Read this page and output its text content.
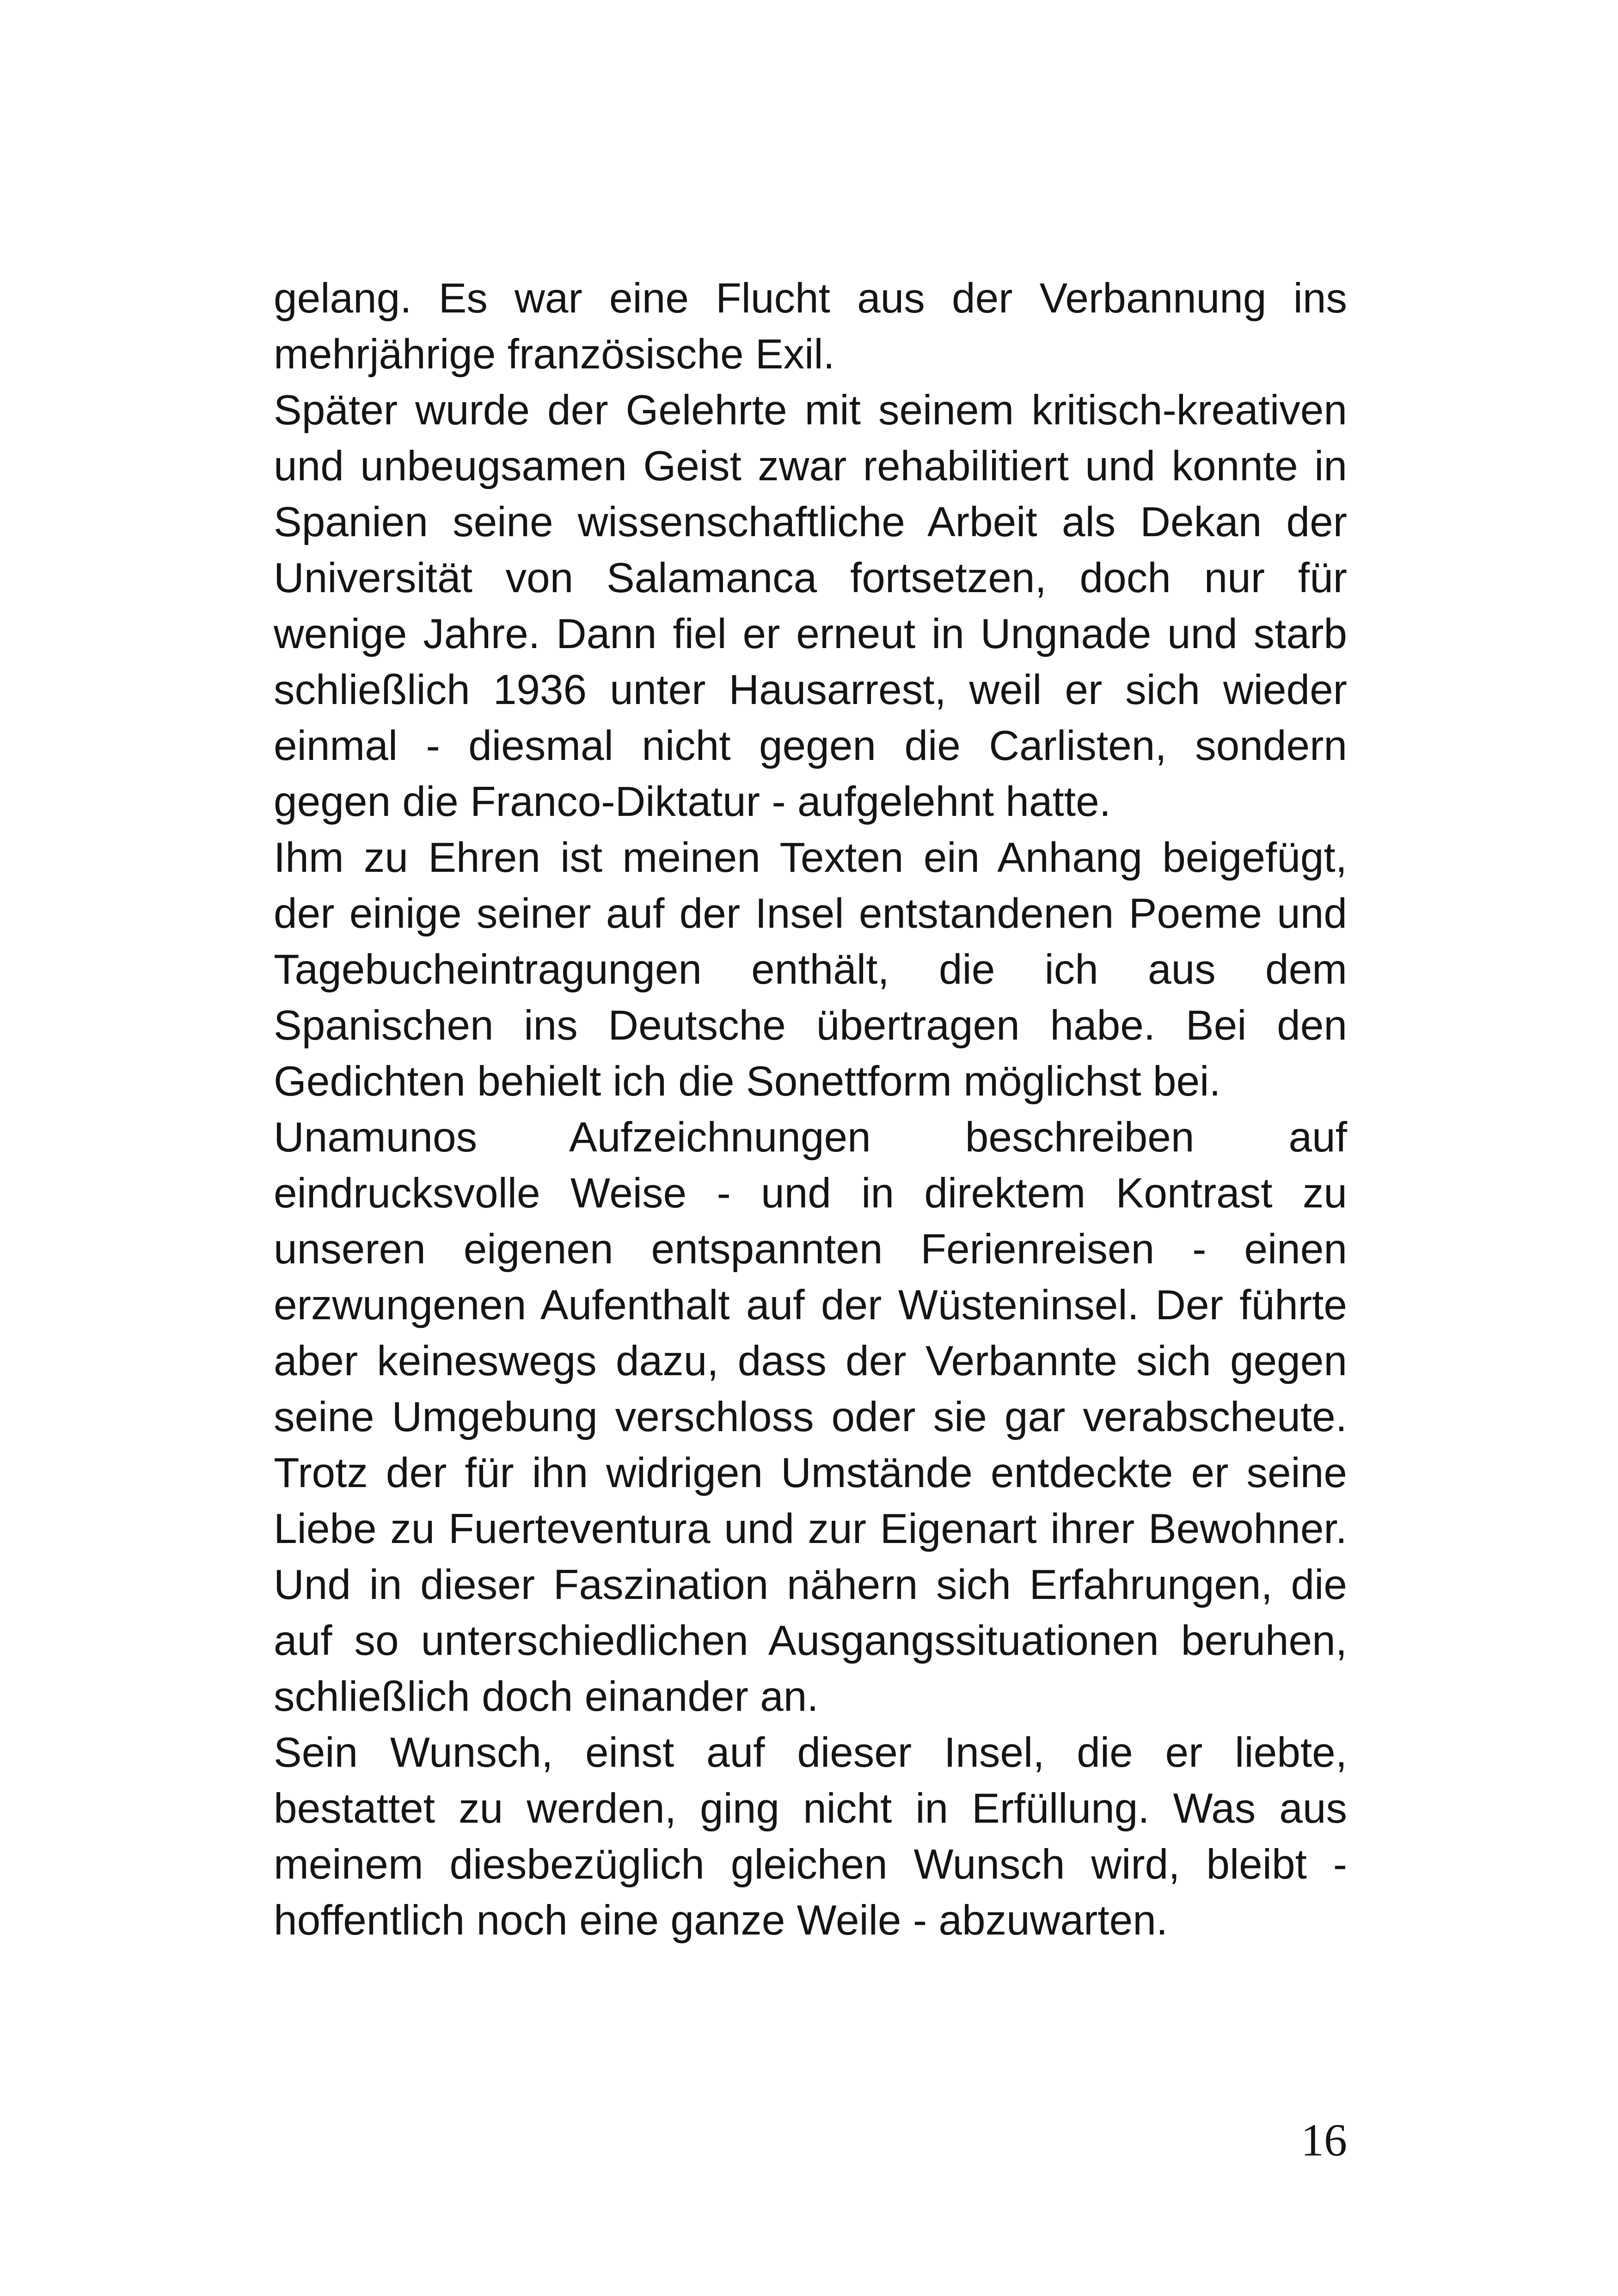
gelang. Es war eine Flucht aus der Verbannung ins mehrjährige französische Exil.

Später wurde der Gelehrte mit seinem kritisch-kreativen und unbeugsamen Geist zwar rehabilitiert und konnte in Spanien seine wissenschaftliche Arbeit als Dekan der Universität von Salamanca fortsetzen, doch nur für wenige Jahre. Dann fiel er erneut in Ungnade und starb schließlich 1936 unter Hausarrest, weil er sich wieder einmal - diesmal nicht gegen die Carlisten, sondern gegen die Franco-Diktatur - aufgelehnt hatte.

Ihm zu Ehren ist meinen Texten ein Anhang beigefügt, der einige seiner auf der Insel entstandenen Poeme und Tagebucheintragungen enthält, die ich aus dem Spanischen ins Deutsche übertragen habe. Bei den Gedichten behielt ich die Sonettform möglichst bei.

Unamunos Aufzeichnungen beschreiben auf eindrucksvolle Weise - und in direktem Kontrast zu unseren eigenen entspannten Ferienreisen - einen erzwungenen Aufenthalt auf der Wüsteninsel. Der führte aber keineswegs dazu, dass der Verbannte sich gegen seine Umgebung verschloss oder sie gar verabscheute. Trotz der für ihn widrigen Umstände entdeckte er seine Liebe zu Fuerteventura und zur Eigenart ihrer Bewohner. Und in dieser Faszination nähern sich Erfahrungen, die auf so unterschiedlichen Ausgangssituationen beruhen, schließlich doch einander an.

Sein Wunsch, einst auf dieser Insel, die er liebte, bestattet zu werden, ging nicht in Erfüllung. Was aus meinem diesbezüglich gleichen Wunsch wird, bleibt - hoffentlich noch eine ganze Weile - abzuwarten.

16
